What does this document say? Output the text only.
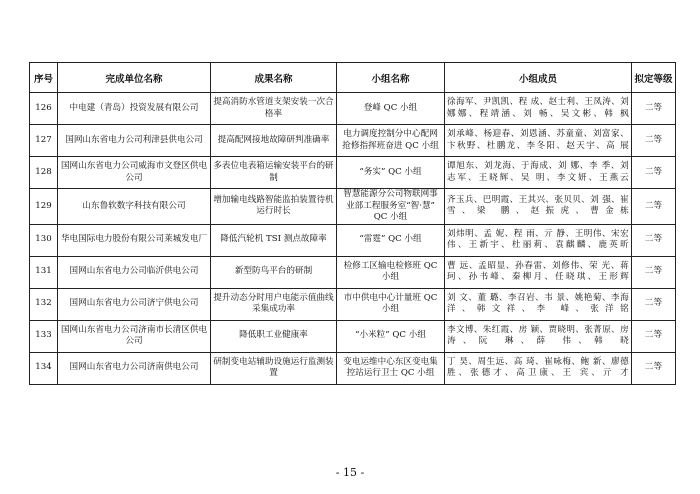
序号	完成单位名称	成果名称	小组名称	小组成员	拟定等级
126	中电建（青岛）投资发展有限公司	提高消防水管道支架安装一次合格率	登峰 QC 小组	徐海军、尹凯凯、程 成、赵士利、王凤涛、刘娜娜、程靖涵、刘 畅、吴文彬、韩 枫	二等
127	国网山东省电力公司利津县供电公司	提高配网接地故障研判准确率	电力调度控制分中心配网抢修指挥班奋进 QC 小组	刘承峰、杨迎春、刘恩涵、苏童童、刘富家、卞秋野、杜鹏龙、李冬阳、赵天宇、高 展	二等
128	国网山东省电力公司威海市文登区供电公司	多表位电表箱运输安装平台的研制	“务实” QC 小组	谭旭东、刘龙海、于海成、刘 娜、李 季、刘志军、王晓辉、吴 明、李文妍、王燕云	二等
129	山东鲁软数字科技有限公司	增加输电线路智能监拍装置待机运行时长	智慧能源分公司物联网事业部工程服务室“智·慧” QC 小组	齐玉兵、巴明霞、王其兴、张贝贝、刘 强、崔 雪、梁 鹏、赵振虎、曹金栋	二等
130	华电国际电力股份有限公司莱城发电厂	降低汽轮机 TSI 测点故障率	“雷霆” QC 小组	刘炜明、孟 妮、程 雨、亓 静、王明伟、宋宏伟、王新宇、杜丽莉、袁麒麟、鹿英昕	二等
131	国网山东省电力公司临沂供电公司	新型防鸟平台的研制	检修工区输电检修班 QC 小组	曹 远、孟昭显、孙春雷、刘修伟、荣 光、蒋 珂、孙书峰、秦柳月、任晓琪、王形辉	二等
132	国网山东省电力公司济宁供电公司	提升动态分时用户电能示值曲线采集成功率	市中供电中心计量班 QC 小组	刘 文、董 璐、李召岩、韦 景、姚艳菊、李海洋、韩文祥、李 峰、张洋铭	二等
133	国网山东省电力公司济南市长清区供电公司	降低职工业健康率	“小米粒” QC 小组	李文博、朱红霞、房 颖、贾晓明、张菁原、房 涛、阮 琳、薛 伟、韩 晓	二等
134	国网山东省电力公司济南供电公司	研制变电站辅助设施运行监测装置	变电运维中心东区变电集控站运行卫士 QC 小组	丁 昊、周生远、高 琦、崔咏梅、鲍 新、廖德胜、张德才、高卫康、王 宾、亓 才	二等
- 15 -
